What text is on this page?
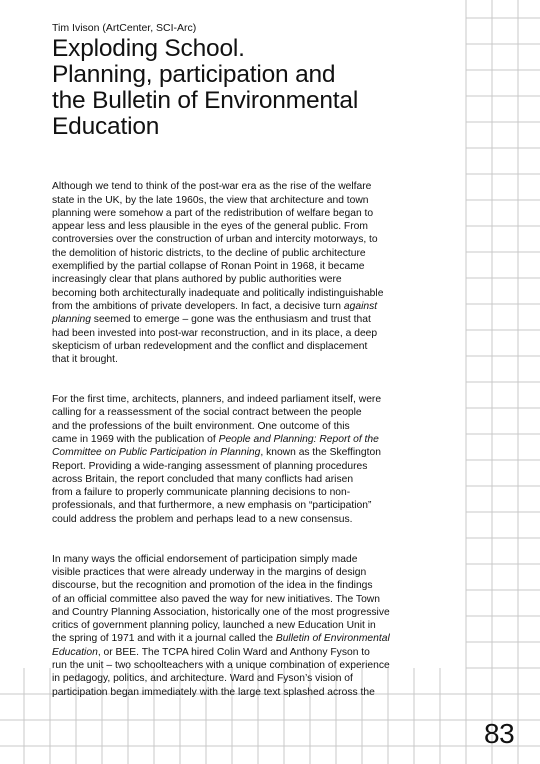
Tim Ivison (ArtCenter, SCI-Arc)
Exploding School.
Planning, participation and
the Bulletin of Environmental
Education

Although we tend to think of the post-war era as the rise of the welfare
state in the UK, by the late 1960s, the view that architecture and town
planning were somehow a part of the redistribution of welfare began to
appear less and less plausible in the eyes of the general public. From
controversies over the construction of urban and intercity motorways, to
the demolition of historic districts, to the decline of public architecture
exemplified by the partial collapse of Ronan Point in 1968, it became
increasingly clear that plans authored by public authorities were
becoming both architecturally inadequate and politically indistinguishable
from the ambitions of private developers. In fact, a decisive turn against
planning seemed to emerge – gone was the enthusiasm and trust that
had been invested into post-war reconstruction, and in its place, a deep
skepticism of urban redevelopment and the conflict and displacement
that it brought.

For the first time, architects, planners, and indeed parliament itself, were
calling for a reassessment of the social contract between the people
and the professions of the built environment. One outcome of this
came in 1969 with the publication of People and Planning: Report of the
Committee on Public Participation in Planning, known as the Skeffington
Report. Providing a wide-ranging assessment of planning procedures
across Britain, the report concluded that many conflicts had arisen
from a failure to properly communicate planning decisions to non-
professionals, and that furthermore, a new emphasis on “participation”
could address the problem and perhaps lead to a new consensus.

In many ways the official endorsement of participation simply made
visible practices that were already underway in the margins of design
discourse, but the recognition and promotion of the idea in the findings
of an official committee also paved the way for new initiatives. The Town
and Country Planning Association, historically one of the most progressive
critics of government planning policy, launched a new Education Unit in
the spring of 1971 and with it a journal called the Bulletin of Environmental
Education, or BEE. The TCPA hired Colin Ward and Anthony Fyson to
run the unit – two schoolteachers with a unique combination of experience
in pedagogy, politics, and architecture. Ward and Fyson’s vision of
participation began immediately with the large text splashed across the

83
